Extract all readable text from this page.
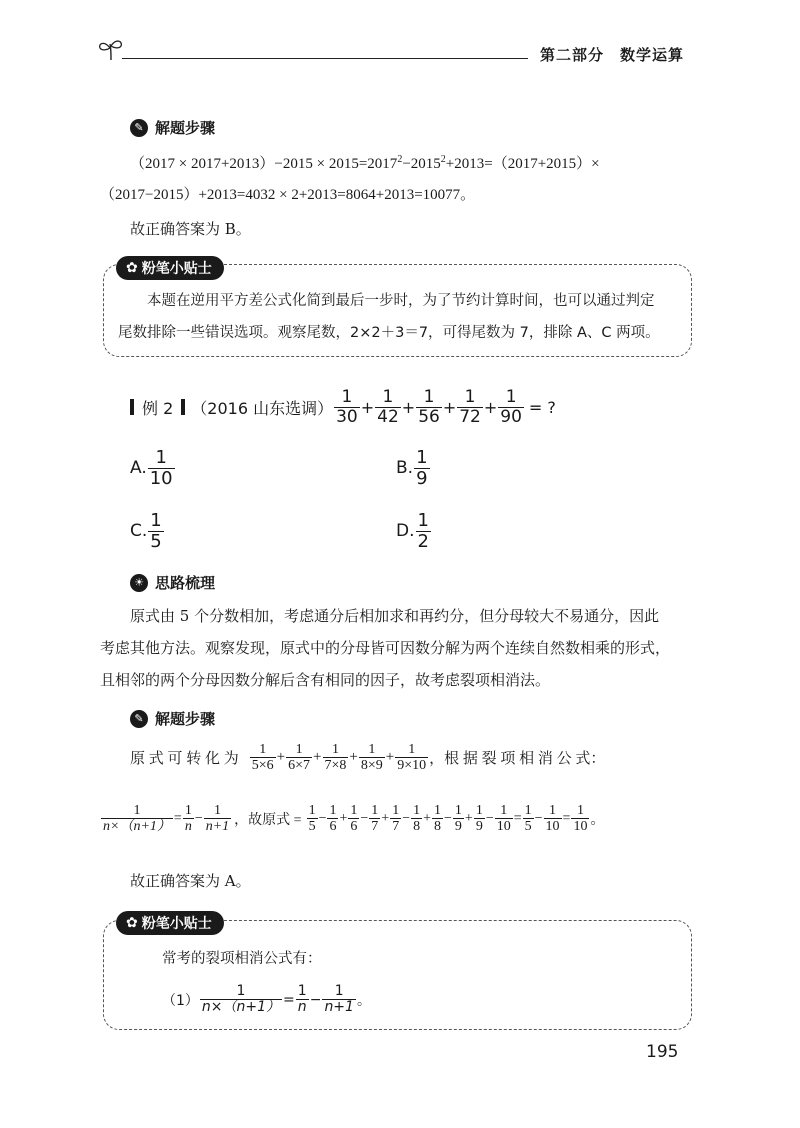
第二部分　数学运算
✎ 解题步骤
$(2017 \times 2017+2013)-2015 \times 2015=2017^2-2015^2+2013=(2017+2015)\times$
（2017−2015）+2013=4032 × 2+2013=8064+2013=10077。
故正确答案为 B。
✿ 粉笔小贴士
本题在逆用平方差公式化简到最后一步时，为了节约计算时间，也可以通过判定
尾数排除一些错误选项。观察尾数，2×2＋3＝7，可得尾数为 7，排除 A、C 两项。
例 2 （2016 山东选调） $\frac{1}{30} + \frac{1}{42} + \frac{1}{56} + \frac{1}{72} + \frac{1}{90}$ = ?
A. $\frac{1}{10}$	B. $\frac{1}{9}$
C. $\frac{1}{5}$	D. $\frac{1}{2}$
☀ 思路梳理
原式由 5 个分数相加，考虑通分后相加求和再约分，但分母较大不易通分，因此
考虑其他方法。观察发现，原式中的分母皆可因数分解为两个连续自然数相乘的形式，
且相邻的两个分母因数分解后含有相同的因子，故考虑裂项相消法。
✎ 解题步骤
原 式 可 转 化 为 $\frac{1}{5\times 6} + \frac{1}{6\times 7} + \frac{1}{7\times 8} + \frac{1}{8\times 9} + \frac{1}{9\times 10}$ ，根 据 裂 项 相 消 公 式：
$\frac{1}{n\times(n+1)} = \frac{1}{n} - \frac{1}{n+1}$ ，故原式 = $\frac{1}{5} - \frac{1}{6} + \frac{1}{6} - \frac{1}{7} + \frac{1}{7} - \frac{1}{8} + \frac{1}{8} - \frac{1}{9} + \frac{1}{9} - \frac{1}{10} = \frac{1}{5} - \frac{1}{10} = \frac{1}{10}$ 。
故正确答案为 A。
✿ 粉笔小贴士
常考的裂项相消公式有：
$(1) \frac{1}{n\times(n+1)} = \frac{1}{n} - \frac{1}{n+1}$ 。
195
